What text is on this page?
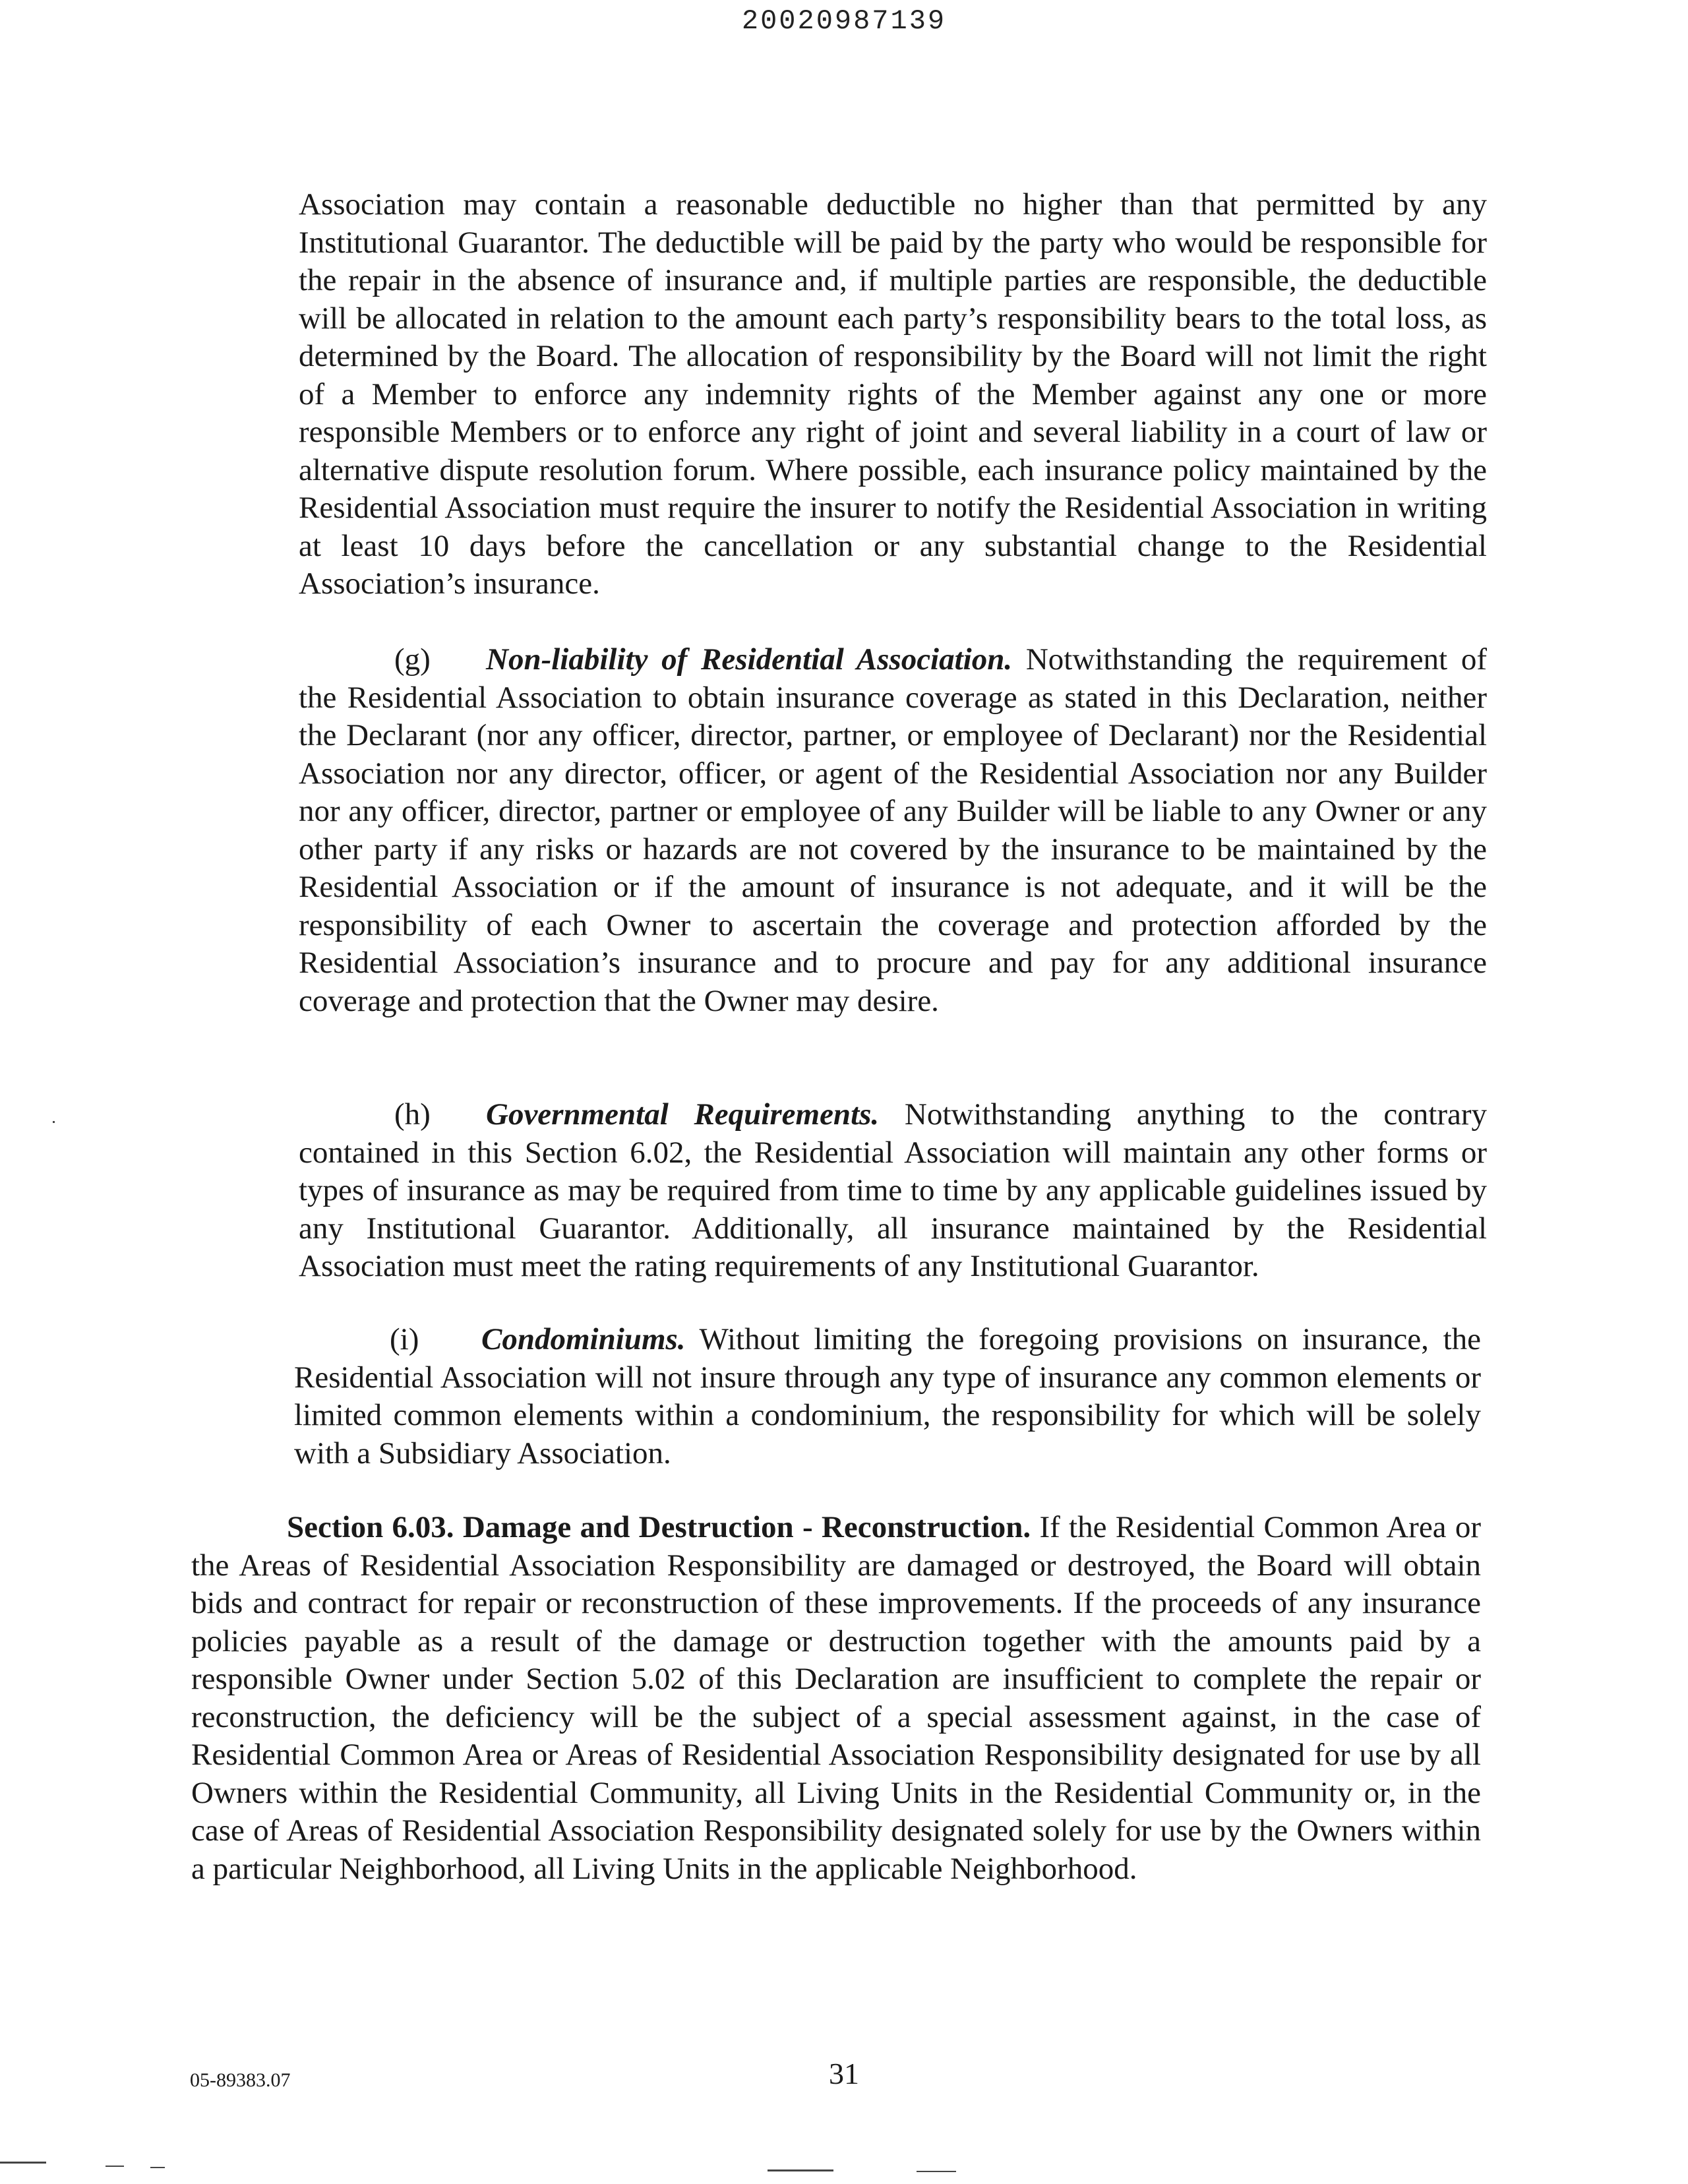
20020987139

Association may contain a reasonable deductible no higher than that permitted by any Institutional Guarantor. The deductible will be paid by the party who would be responsible for the repair in the absence of insurance and, if multiple parties are responsible, the deductible will be allocated in relation to the amount each party’s responsibility bears to the total loss, as determined by the Board. The allocation of responsibility by the Board will not limit the right of a Member to enforce any indemnity rights of the Member against any one or more responsible Members or to enforce any right of joint and several liability in a court of law or alternative dispute resolution forum. Where possible, each insurance policy maintained by the Residential Association must require the insurer to notify the Residential Association in writing at least 10 days before the cancellation or any substantial change to the Residential Association’s insurance.

(g) Non-liability of Residential Association. Notwithstanding the requirement of the Residential Association to obtain insurance coverage as stated in this Declaration, neither the Declarant (nor any officer, director, partner, or employee of Declarant) nor the Residential Association nor any director, officer, or agent of the Residential Association nor any Builder nor any officer, director, partner or employee of any Builder will be liable to any Owner or any other party if any risks or hazards are not covered by the insurance to be maintained by the Residential Association or if the amount of insurance is not adequate, and it will be the responsibility of each Owner to ascertain the coverage and protection afforded by the Residential Association’s insurance and to procure and pay for any additional insurance coverage and protection that the Owner may desire.

(h) Governmental Requirements. Notwithstanding anything to the contrary contained in this Section 6.02, the Residential Association will maintain any other forms or types of insurance as may be required from time to time by any applicable guidelines issued by any Institutional Guarantor. Additionally, all insurance maintained by the Residential Association must meet the rating requirements of any Institutional Guarantor.

(i) Condominiums. Without limiting the foregoing provisions on insurance, the Residential Association will not insure through any type of insurance any common elements or limited common elements within a condominium, the responsibility for which will be solely with a Subsidiary Association.

Section 6.03. Damage and Destruction - Reconstruction. If the Residential Common Area or the Areas of Residential Association Responsibility are damaged or destroyed, the Board will obtain bids and contract for repair or reconstruction of these improvements. If the proceeds of any insurance policies payable as a result of the damage or destruction together with the amounts paid by a responsible Owner under Section 5.02 of this Declaration are insufficient to complete the repair or reconstruction, the deficiency will be the subject of a special assessment against, in the case of Residential Common Area or Areas of Residential Association Responsibility designated for use by all Owners within the Residential Community, all Living Units in the Residential Community or, in the case of Areas of Residential Association Responsibility designated solely for use by the Owners within a particular Neighborhood, all Living Units in the applicable Neighborhood.

05-89383.07	31
